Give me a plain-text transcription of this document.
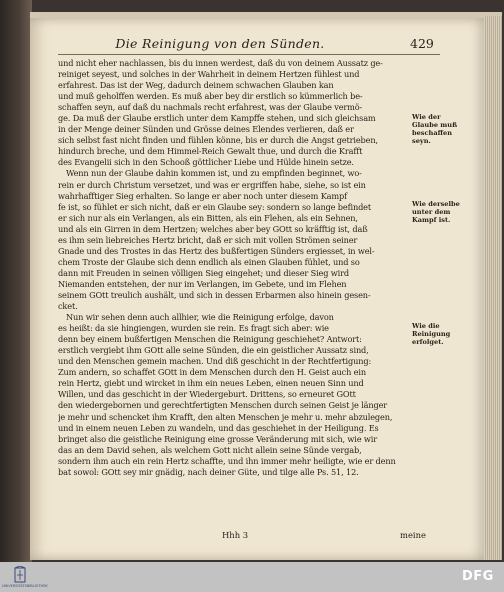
Die Reinigung von den Sünden.	429
und nicht eher nachlassen, bis du innen werdest, daß du von deinem Aussatz ge-
reiniget seyest, und solches in der Wahrheit in deinem Hertzen fühlest und
erfahrest. Das ist der Weg, dadurch deinem schwachen Glauben kan
und muß geholffen werden. Es muß aber bey dir erstlich so kümmerlich be-
schaffen seyn, auf daß du nachmals recht erfahrest, was der Glaube vermö-
ge. Da muß der Glaube erstlich unter dem Kampffe stehen, und sich gleichsam
in der Menge deiner Sünden und Grösse deines Elendes verlieren, daß er
sich selbst fast nicht finden und fühlen könne, bis er durch die Angst getrieben,
hindurch breche, und dem Himmel-Reich Gewalt thue, und durch die Krafft
des Evangelii sich in den Schooß göttlicher Liebe und Hülde hinein setze.
Wenn nun der Glaube dahin kommen ist, und zu empfinden beginnet, wo-
rein er durch Christum versetzet, und was er ergriffen habe, siehe, so ist ein
wahrhafftiger Sieg erhalten. So lange er aber noch unter diesem Kampf
fe ist, so fühlet er sich nicht, daß er ein Glaube sey: sondern so lange befindet
er sich nur als ein Verlangen, als ein Bitten, als ein Flehen, als ein Sehnen,
und als ein Girren in dem Hertzen; welches aber bey GOtt so kräfftig ist, daß
es ihm sein liebreiches Hertz bricht, daß er sich mit vollen Strömen seiner
Gnade und des Trostes in das Hertz des bußfertigen Sünders ergiesset, in wel-
chem Troste der Glaube sich denn endlich als einen Glauben fühlet, und so
dann mit Freuden in seinen völligen Sieg eingehet; und dieser Sieg wird
Niemanden entstehen, der nur im Verlangen, im Gebete, und im Flehen
seinem GOtt treulich aushält, und sich in dessen Erbarmen also hinein gesen-
cket.
Nun wir sehen denn auch allhier, wie die Reinigung erfolge, davon
es heißt: da sie hingiengen, wurden sie rein. Es fragt sich aber: wie
denn bey einem bußfertigen Menschen die Reinigung geschiehet? Antwort:
erstlich vergiebt ihm GOtt alle seine Sünden, die ein geistlicher Aussatz sind,
und den Menschen gemein machen. Und diß geschicht in der Rechtfertigung:
Zum andern, so schaffet GOtt in dem Menschen durch den H. Geist auch ein
rein Hertz, giebt und wircket in ihm ein neues Leben, einen neuen Sinn und
Willen, und das geschicht in der Wiedergeburt. Drittens, so erneuret GOtt
den wiedergebornen und gerechtfertigten Menschen durch seinen Geist je länger
je mehr und schencket ihm Krafft, den alten Menschen je mehr u. mehr abzulegen,
und in einem neuen Leben zu wandeln, und das geschiehet in der Heiligung. Es
bringet also die geistliche Reinigung eine grosse Veränderung mit sich, wie wir
das an dem David sehen, als welchem Gott nicht allein seine Sünde vergab,
sondern ihm auch ein rein Hertz schaffte, und ihn immer mehr heiligte, wie er denn
bat sowol: GOtt sey mir gnädig, nach deiner Güte, und tilge alle Ps. 51, 12.
Wie der Glaube muß beschaffen seyn.
Wie derselbe unter dem Kampf ist.
Wie die Reinigung erfolget.
Hhh 3	meine
UNIVERSITÄTSBIBLIOTHEK
DFG
